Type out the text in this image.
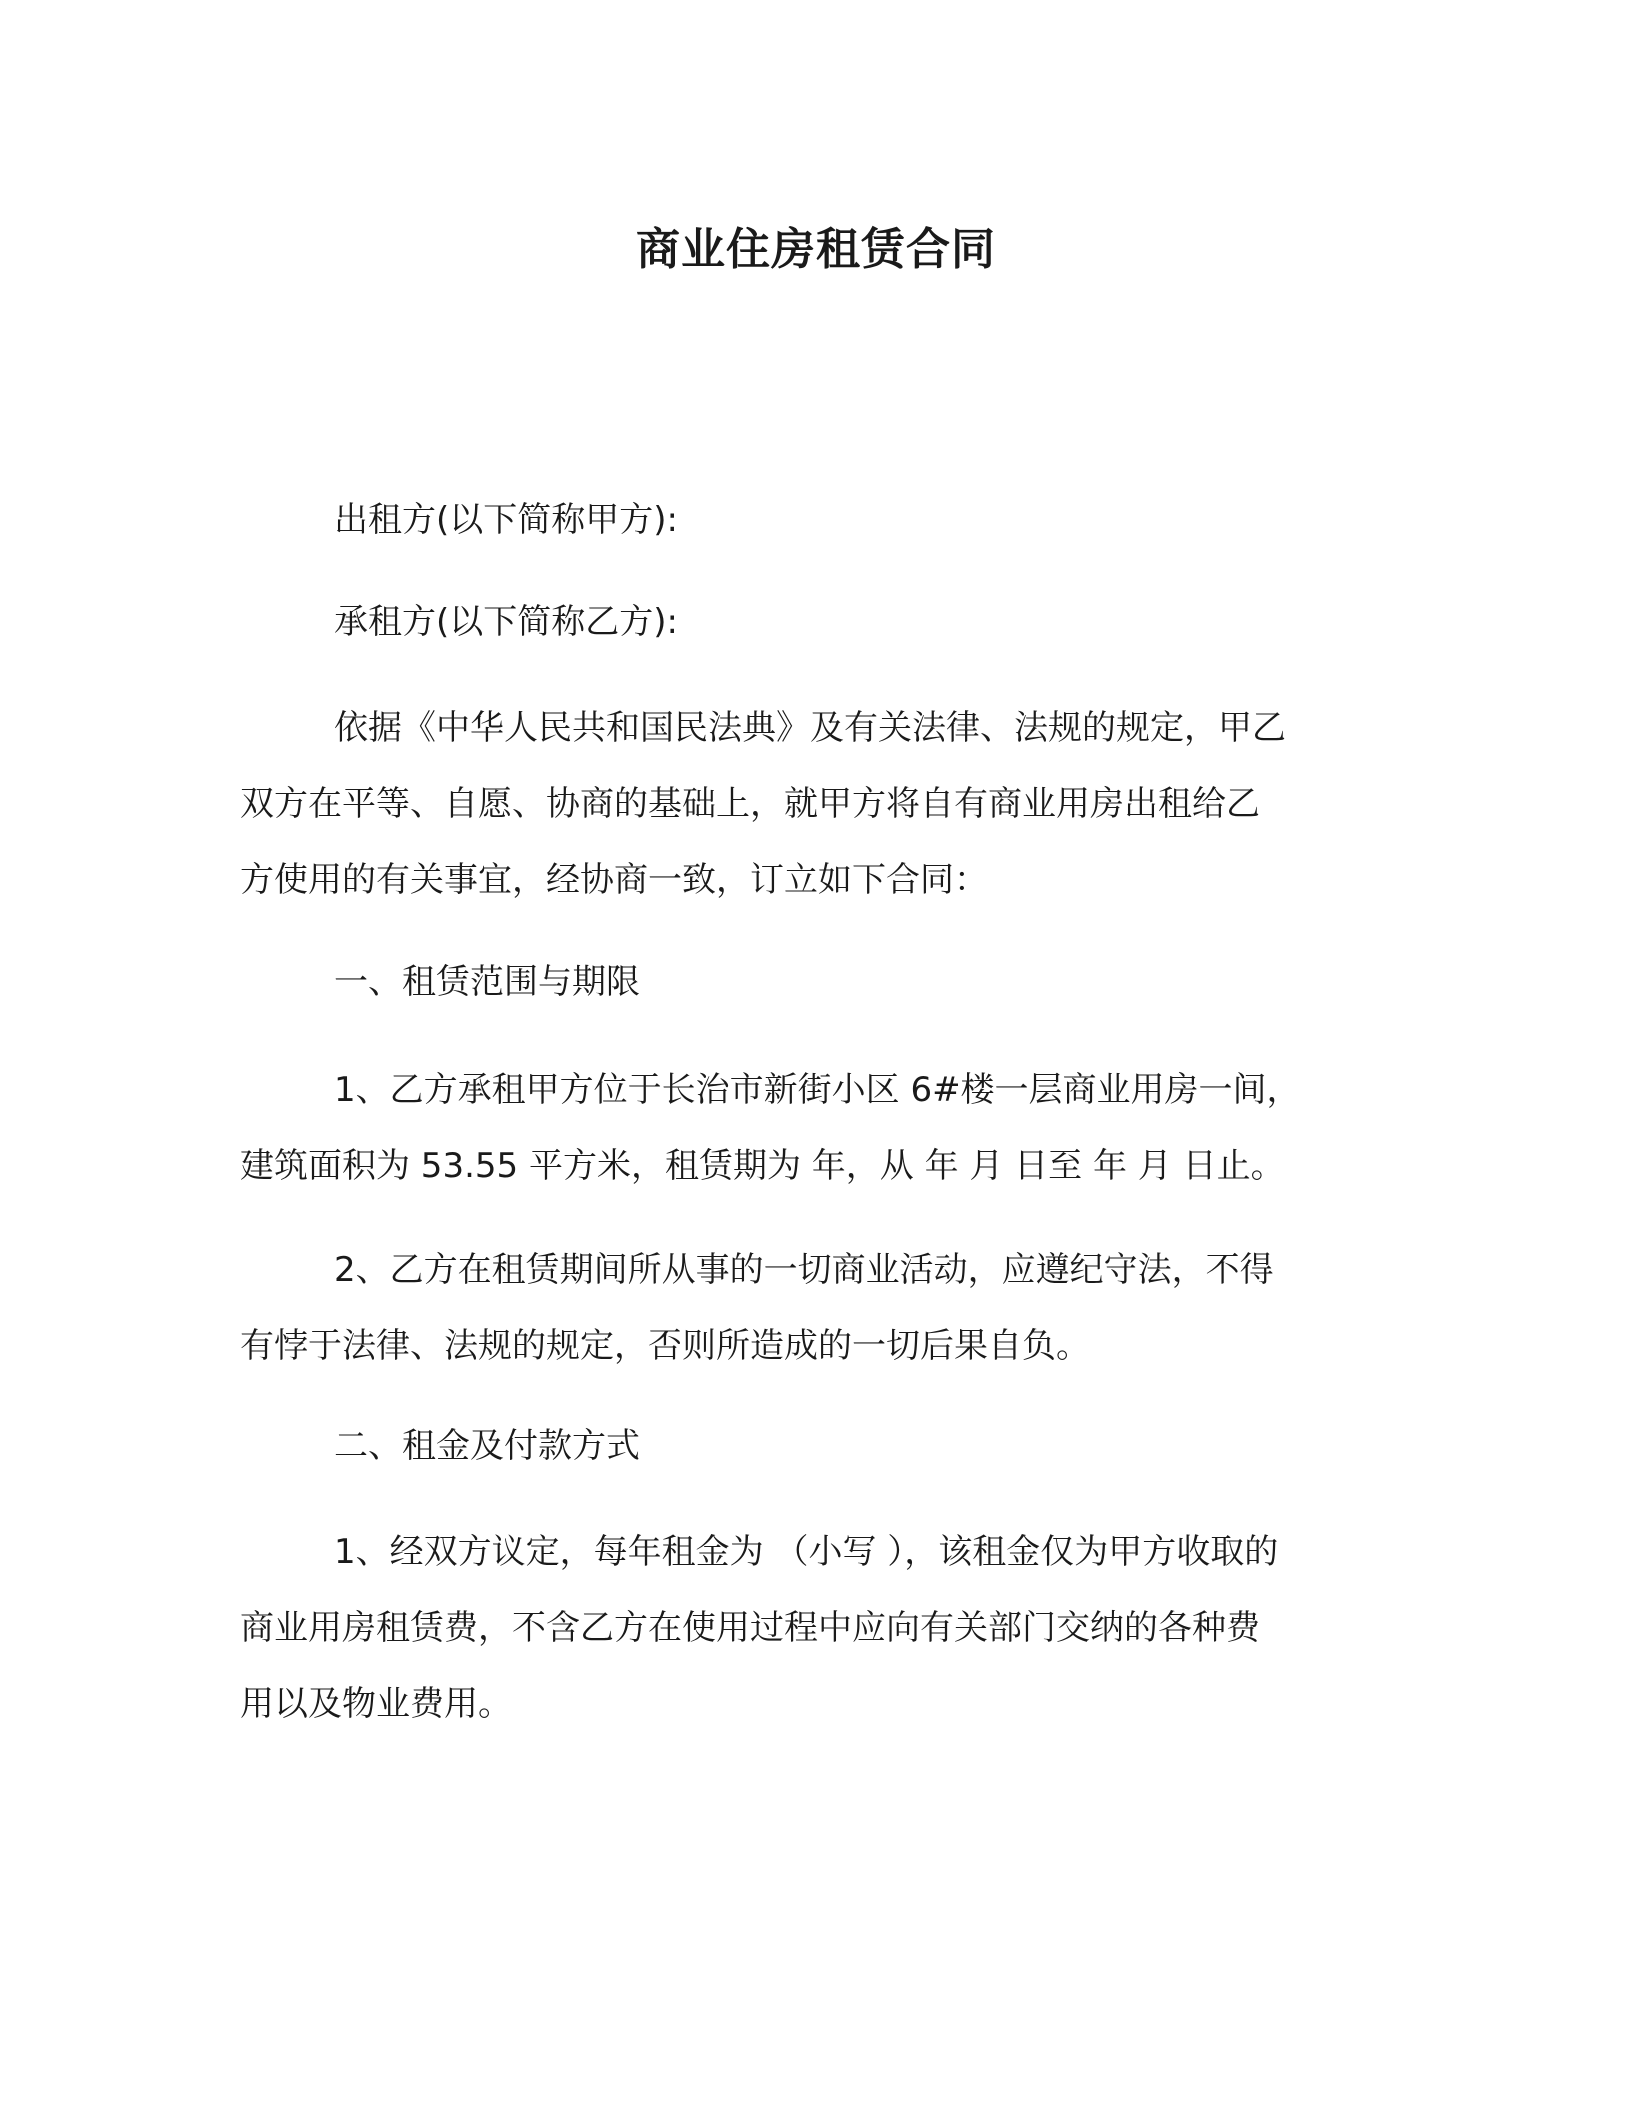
商业住房租赁合同
出租方(以下简称甲方):
承租方(以下简称乙方):
依据《中华人民共和国民法典》及有关法律、法规的规定，甲乙
双方在平等、自愿、协商的基础上，就甲方将自有商业用房出租给乙
方使用的有关事宜，经协商一致，订立如下合同：
一、租赁范围与期限
1、乙方承租甲方位于长治市新街小区 6#楼一层商业用房一间，
建筑面积为 53.55 平方米，租赁期为 年，从 年 月 日至 年 月 日止。
2、乙方在租赁期间所从事的一切商业活动，应遵纪守法，不得
有悖于法律、法规的规定，否则所造成的一切后果自负。
二、租金及付款方式
1、经双方议定，每年租金为 （小写 ），该租金仅为甲方收取的
商业用房租赁费，不含乙方在使用过程中应向有关部门交纳的各种费
用以及物业费用。
